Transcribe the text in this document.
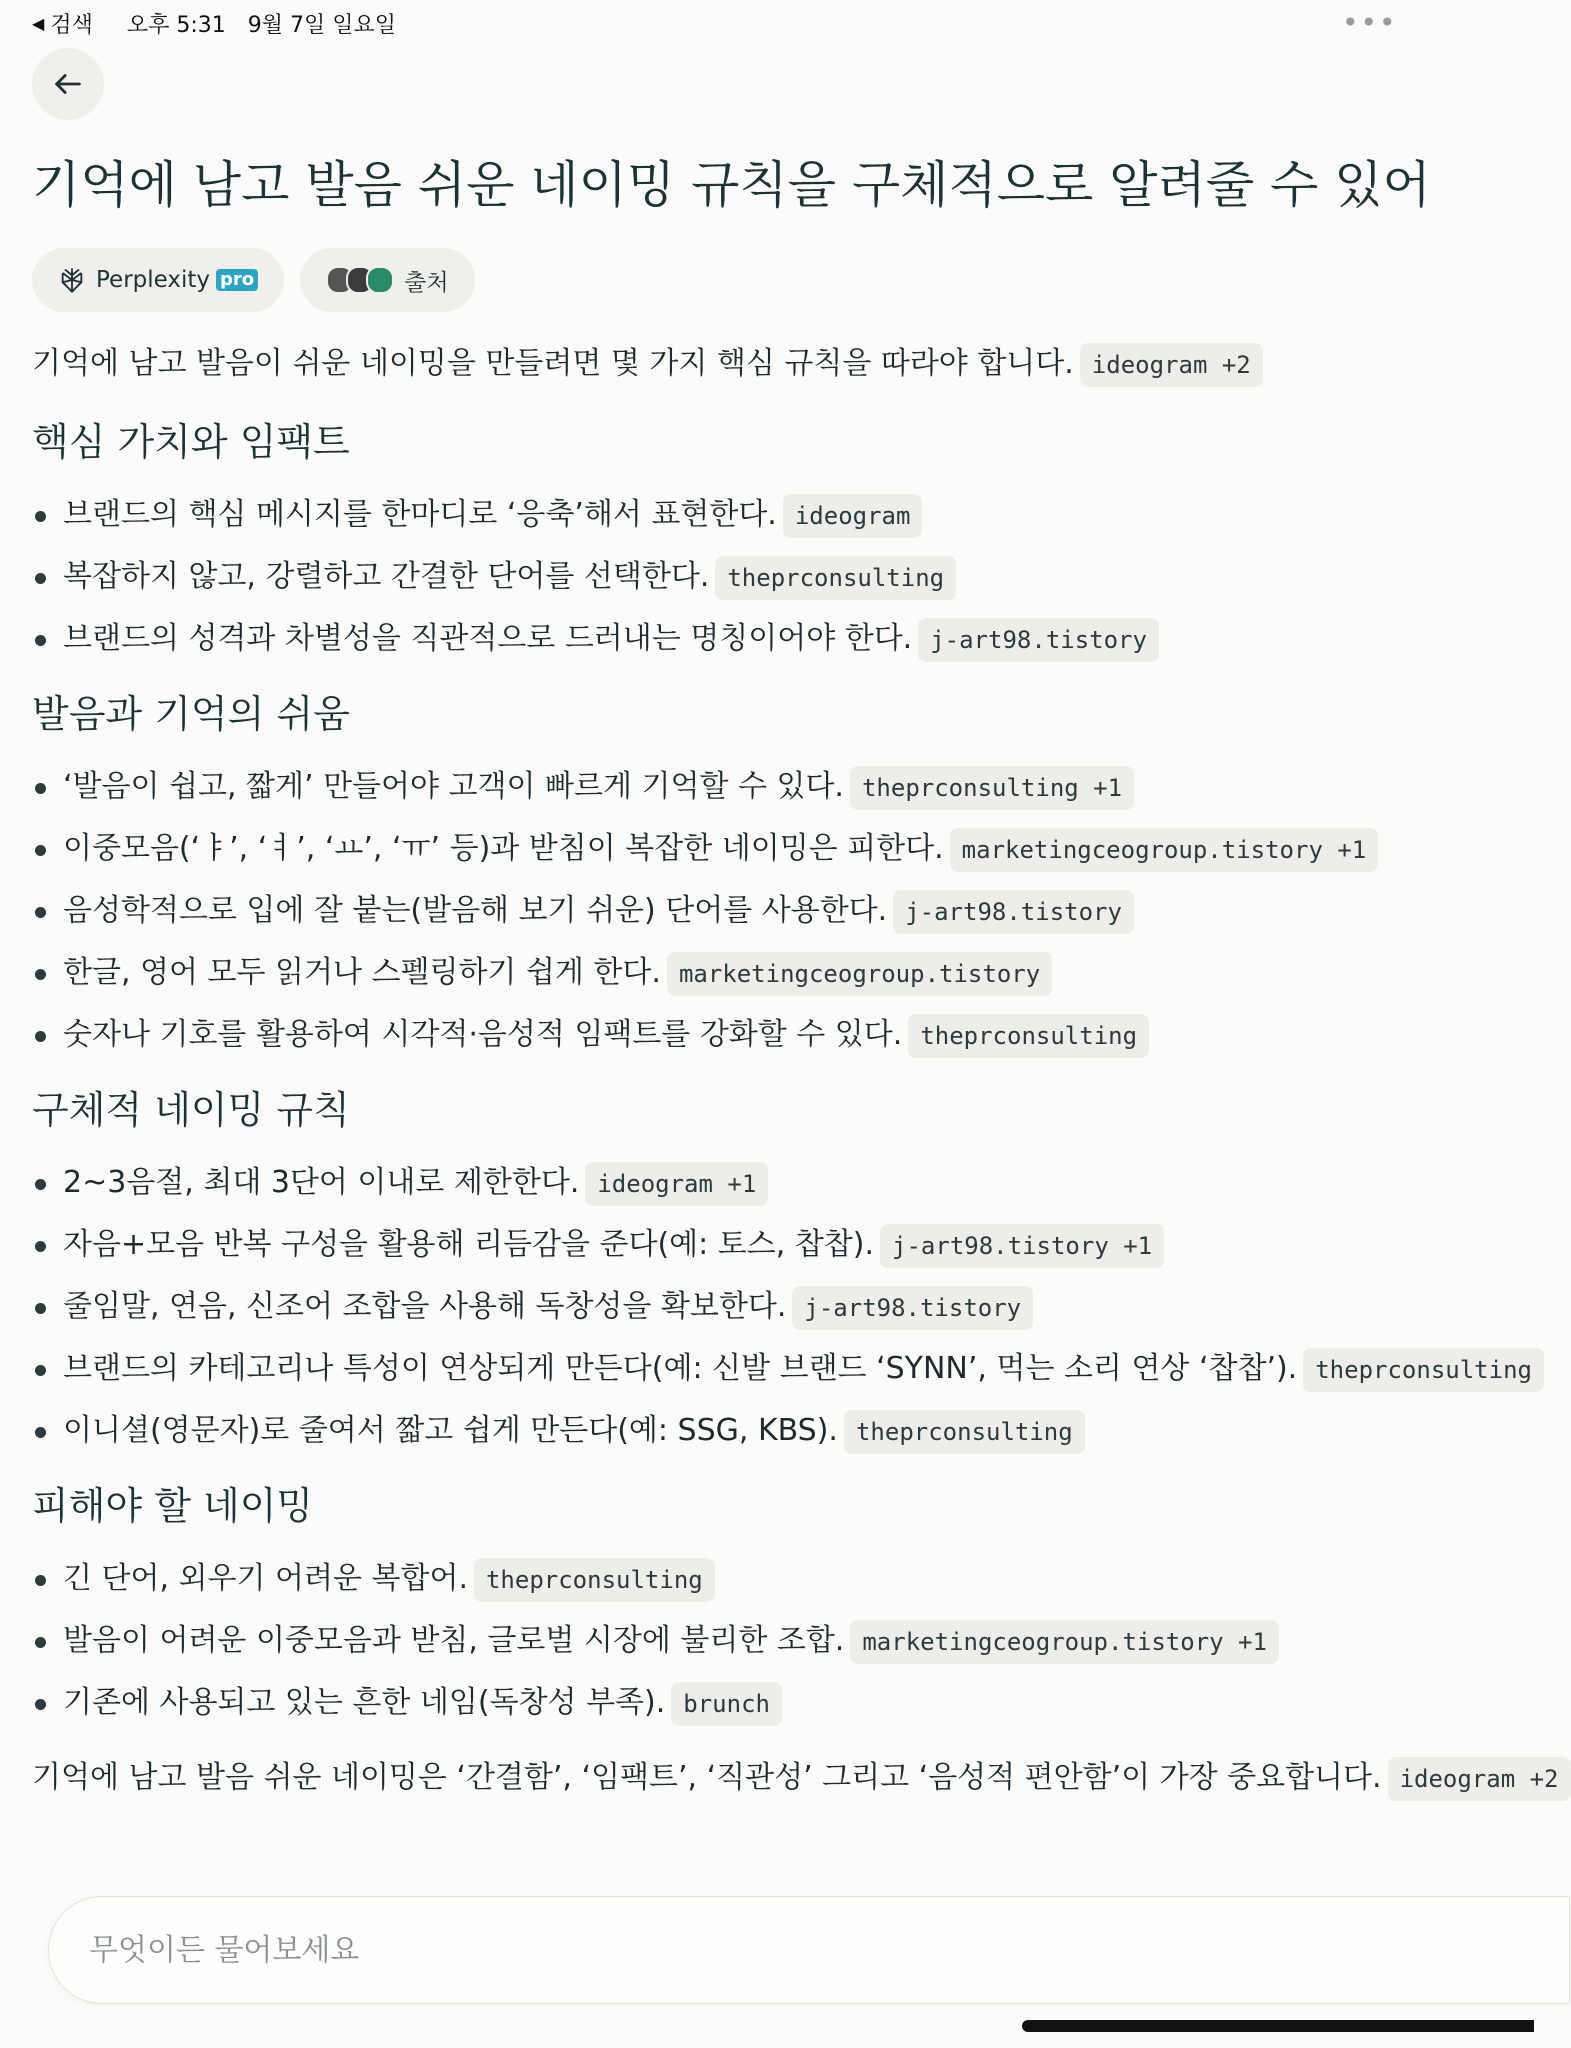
◀ 검색 오후 5:31 9월 7일 일요일	•••
기억에 남고 발음 쉬운 네이밍 규칙을 구체적으로 알려줄 수 있어
Perplexity pro	출처

기억에 남고 발음이 쉬운 네이밍을 만들려면 몇 가지 핵심 규칙을 따라야 합니다. ideogram +2

핵심 가치와 임팩트
브랜드의 핵심 메시지를 한마디로 ‘응축’해서 표현한다. ideogram
복잡하지 않고, 강렬하고 간결한 단어를 선택한다. theprconsulting
브랜드의 성격과 차별성을 직관적으로 드러내는 명칭이어야 한다. j-art98.tistory
발음과 기억의 쉬움
‘발음이 쉽고, 짧게’ 만들어야 고객이 빠르게 기억할 수 있다. theprconsulting +1
이중모음(‘ㅑ’, ‘ㅕ’, ‘ㅛ’, ‘ㅠ’ 등)과 받침이 복잡한 네이밍은 피한다. marketingceogroup.tistory +1
음성학적으로 입에 잘 붙는(발음해 보기 쉬운) 단어를 사용한다. j-art98.tistory
한글, 영어 모두 읽거나 스펠링하기 쉽게 한다. marketingceogroup.tistory
숫자나 기호를 활용하여 시각적·음성적 임팩트를 강화할 수 있다. theprconsulting
구체적 네이밍 규칙
2~3음절, 최대 3단어 이내로 제한한다. ideogram +1
자음+모음 반복 구성을 활용해 리듬감을 준다(예: 토스, 찹찹). j-art98.tistory +1
줄임말, 연음, 신조어 조합을 사용해 독창성을 확보한다. j-art98.tistory
브랜드의 카테고리나 특성이 연상되게 만든다(예: 신발 브랜드 ‘SYNN’, 먹는 소리 연상 ‘찹찹’). theprconsulting
이니셜(영문자)로 줄여서 짧고 쉽게 만든다(예: SSG, KBS). theprconsulting
피해야 할 네이밍
긴 단어, 외우기 어려운 복합어. theprconsulting
발음이 어려운 이중모음과 받침, 글로벌 시장에 불리한 조합. marketingceogroup.tistory +1
기존에 사용되고 있는 흔한 네임(독창성 부족). brunch

기억에 남고 발음 쉬운 네이밍은 ‘간결함’, ‘임팩트’, ‘직관성’ 그리고 ‘음성적 편안함’이 가장 중요합니다. ideogram +2

무엇이든 물어보세요
